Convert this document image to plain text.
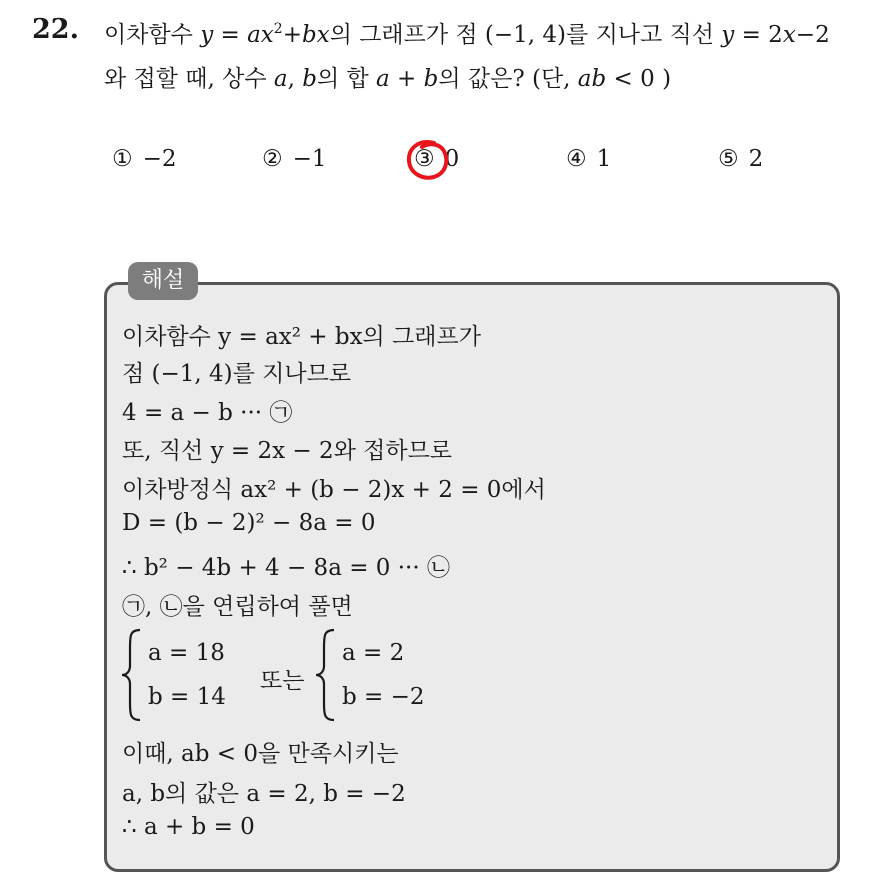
22. 이차함수 $y = ax^2+bx$의 그래프가 점 (−1, 4)를 지나고 직선 y = 2x−2
와 접할 때, 상수 a, b의 합 a + b의 값은? (단, ab < 0 )
① −2	② −1	③ 0	④ 1	⑤ 2
해설
이차함수 y = ax² + bx의 그래프가
점 (−1, 4)를 지나므로
4 = a − b ··· ㉠
또, 직선 y = 2x − 2와 접하므로
이차방정식 ax² + (b − 2)x + 2 = 0에서
D = (b − 2)² − 8a = 0
∴ b² − 4b + 4 − 8a = 0 ··· ㉡
㉠, ㉡을 연립하여 풀면
a = 18
b = 14
또는
a = 2
b = −2
이때, ab < 0을 만족시키는
a, b의 값은 a = 2, b = −2
∴ a + b = 0
